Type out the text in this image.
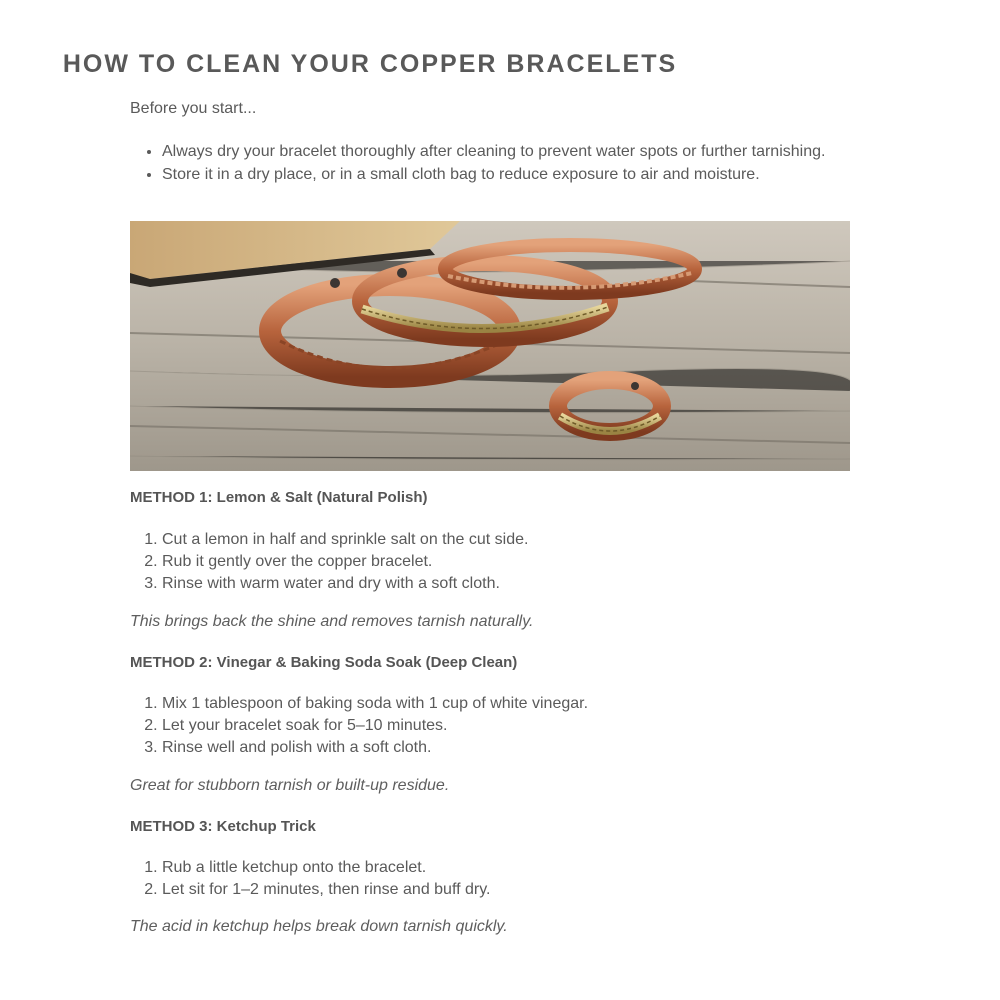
HOW TO CLEAN YOUR COPPER BRACELETS

Before you start...

• Always dry your bracelet thoroughly after cleaning to prevent water spots or further tarnishing.
• Store it in a dry place, or in a small cloth bag to reduce exposure to air and moisture.
METHOD 1: Lemon & Salt (Natural Polish)
1. Cut a lemon in half and sprinkle salt on the cut side.
2. Rub it gently over the copper bracelet.
3. Rinse with warm water and dry with a soft cloth.

This brings back the shine and removes tarnish naturally.

METHOD 2: Vinegar & Baking Soda Soak (Deep Clean)
1. Mix 1 tablespoon of baking soda with 1 cup of white vinegar.
2. Let your bracelet soak for 5–10 minutes.
3. Rinse well and polish with a soft cloth.

Great for stubborn tarnish or built-up residue.

METHOD 3: Ketchup Trick
1. Rub a little ketchup onto the bracelet.
2. Let sit for 1–2 minutes, then rinse and buff dry.

The acid in ketchup helps break down tarnish quickly.
